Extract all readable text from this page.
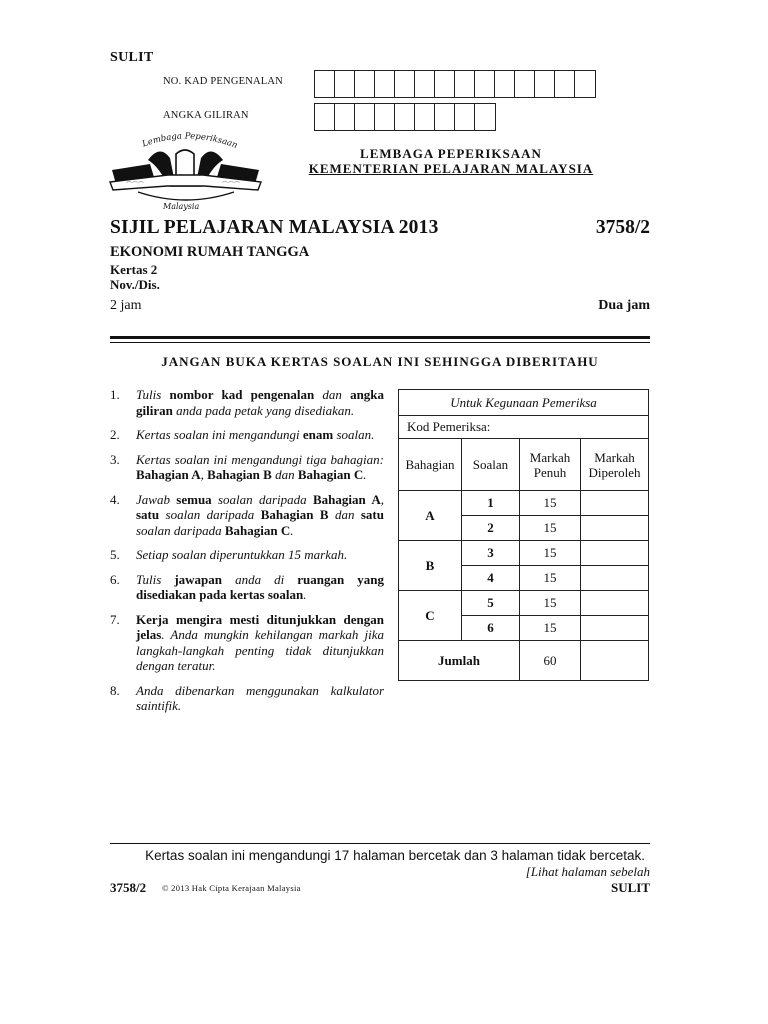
SULIT
NO. KAD PENGENALAN
ANGKA GILIRAN
Lembaga Peperiksaan
⌒⌒⌒	⌒⌒⌒
Malaysia
LEMBAGA PEPERIKSAAN
KEMENTERIAN PELAJARAN MALAYSIA
SIJIL PELAJARAN MALAYSIA 2013	3758/2
EKONOMI RUMAH TANGGA
Kertas 2
Nov./Dis.
2 jam	Dua jam
JANGAN BUKA KERTAS SOALAN INI SEHINGGA DIBERITAHU
1.	Tulis nombor kad pengenalan dan angka giliran anda pada petak yang disediakan.
2.	Kertas soalan ini mengandungi enam soalan.
3.	Kertas soalan ini mengandungi tiga bahagian: Bahagian A, Bahagian B dan Bahagian C.
4.	Jawab semua soalan daripada Bahagian A, satu soalan daripada Bahagian B dan satu soalan daripada Bahagian C.
5.	Setiap soalan diperuntukkan 15 markah.
6.	Tulis jawapan anda di ruangan yang disediakan pada kertas soalan.
7.	Kerja mengira mesti ditunjukkan dengan jelas. Anda mungkin kehilangan markah jika langkah-langkah penting tidak ditunjukkan dengan teratur.
8.	Anda dibenarkan menggunakan kalkulator saintifik.
Untuk Kegunaan Pemeriksa			
Kod Pemeriksa:			
Bahagian	Soalan	Markah Penuh	Markah Diperoleh
A	1	15	
	2	15	
B	3	15	
	4	15	
C	5	15	
	6	15	
Jumlah		60	
Kertas soalan ini mengandungi 17 halaman bercetak dan 3 halaman tidak bercetak.
[Lihat halaman sebelah
3758/2 © 2013 Hak Cipta Kerajaan Malaysia	SULIT
